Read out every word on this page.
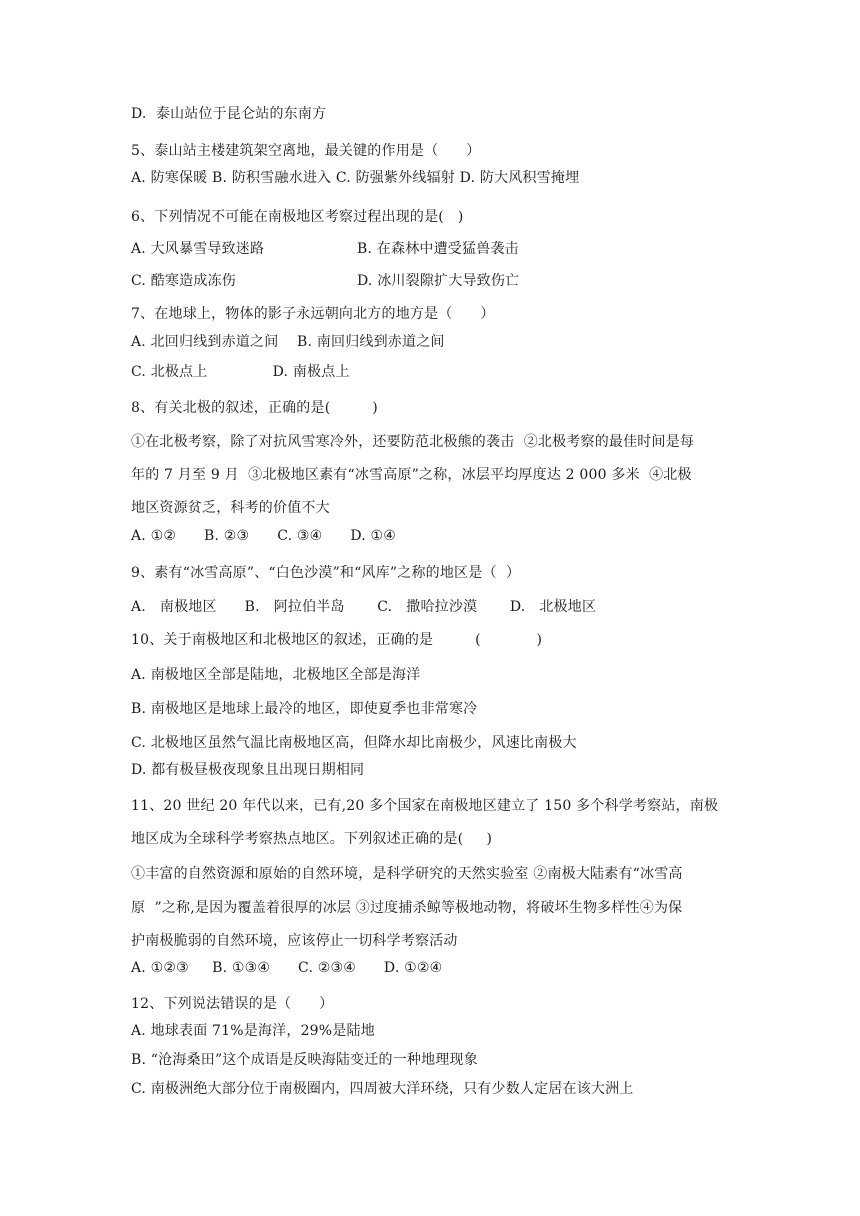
D.  泰山站位于昆仑站的东南方
5、泰山站主楼建筑架空离地，最关键的作用是（      ）
A. 防寒保暖 B. 防积雪融水进入 C. 防强紫外线辐射 D. 防大风积雪掩埋
6、下列情况不可能在南极地区考察过程出现的是(   )
A. 大风暴雪导致迷路	B. 在森林中遭受猛兽袭击
C. 酷寒造成冻伤	D. 冰川裂隙扩大导致伤亡
7、在地球上，物体的影子永远朝向北方的地方是（      ）
A. 北回归线到赤道之间    B. 南回归线到赤道之间
C. 北极点上              D. 南极点上
8、有关北极的叙述，正确的是(         )
①在北极考察，除了对抗风雪寒冷外，还要防范北极熊的袭击  ②北极考察的最佳时间是每
年的 7 月至 9 月  ③北极地区素有“冰雪高原”之称，冰层平均厚度达 2 000 多米  ④北极
地区资源贫乏，科考的价值不大
A. ①②      B. ②③      C. ③④      D. ①④
9、素有“冰雪高原”、“白色沙漠”和“风库”之称的地区是（  ）
A.   南极地区      B.   阿拉伯半岛       C.   撒哈拉沙漠       D.   北极地区
10、关于南极地区和北极地区的叙述，正确的是         (            )
A. 南极地区全部是陆地，北极地区全部是海洋
B. 南极地区是地球上最冷的地区，即使夏季也非常寒冷
C. 北极地区虽然气温比南极地区高，但降水却比南极少，风速比南极大
D. 都有极昼极夜现象且出现日期相同
11、20 世纪 20 年代以来，已有,20 多个国家在南极地区建立了 150 多个科学考察站，南极
地区成为全球科学考察热点地区。下列叙述正确的是(     )
①丰富的自然资源和原始的自然环境，是科学研究的天然实验室 ②南极大陆素有“冰雪高
原  ”之称,是因为覆盖着很厚的冰层 ③过度捕杀鲸等极地动物，将破坏生物多样性④为保
护南极脆弱的自然环境，应该停止一切科学考察活动
A. ①②③     B. ①③④      C. ②③④      D. ①②④
12、下列说法错误的是（      ）
A. 地球表面 71%是海洋，29%是陆地
B. “沧海桑田”这个成语是反映海陆变迁的一种地理现象
C. 南极洲绝大部分位于南极圈内，四周被大洋环绕，只有少数人定居在该大洲上
